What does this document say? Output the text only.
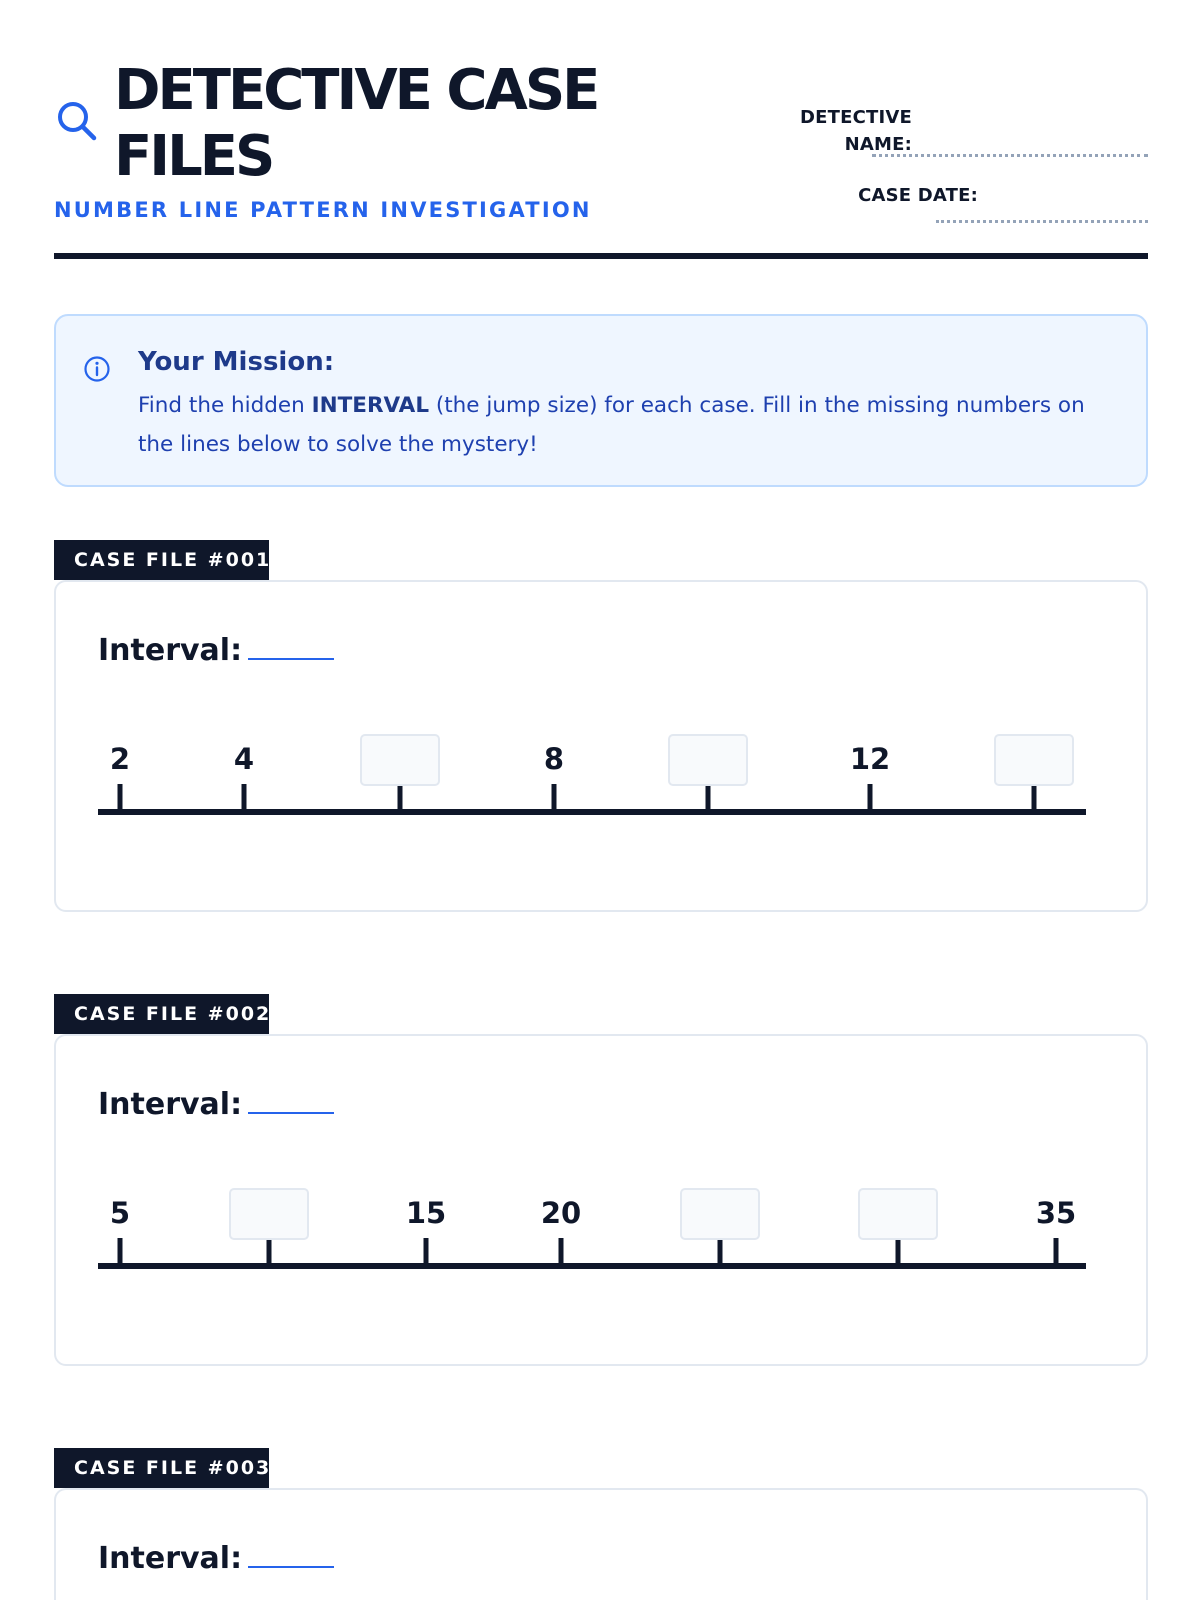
DETECTIVE CASE FILES
NUMBER LINE PATTERN INVESTIGATION
DETECTIVE NAME:
CASE DATE:
Your Mission:
Find the hidden INTERVAL (the jump size) for each case. Fill in the missing numbers on the lines below to solve the mystery!
CASE FILE #001
Interval:
2	4	8	12
CASE FILE #002
Interval:
5	15	20	35
CASE FILE #003
Interval:
